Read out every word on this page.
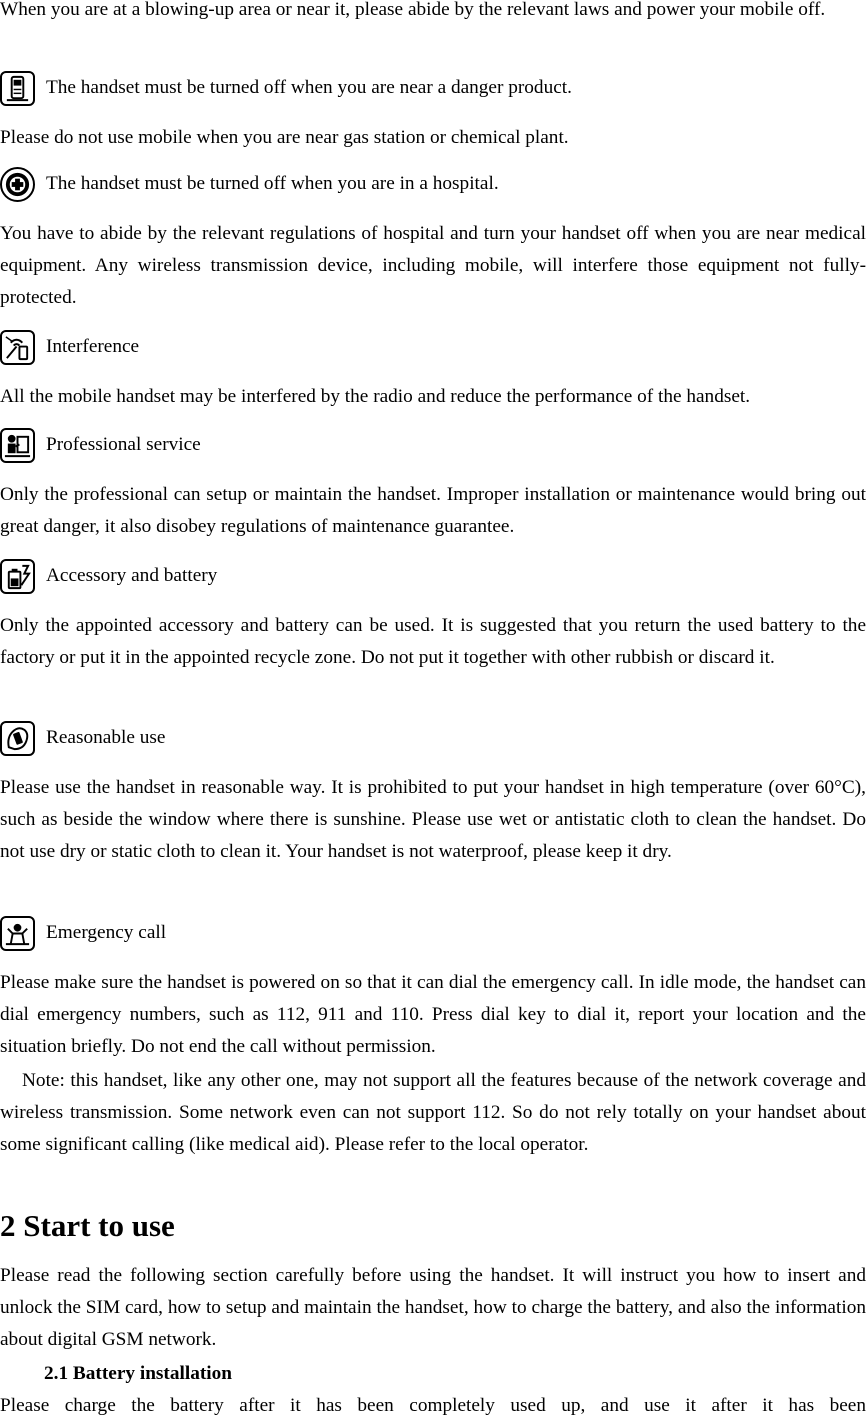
When you are at a blowing-up area or near it, please abide by the relevant laws and power your mobile off.

The handset must be turned off when you are near a danger product.

Please do not use mobile when you are near gas station or chemical plant.

The handset must be turned off when you are in a hospital.

You have to abide by the relevant regulations of hospital and turn your handset off when you are near medical equipment. Any wireless transmission device, including mobile, will interfere those equipment not fully-protected.

Interference

All the mobile handset may be interfered by the radio and reduce the performance of the handset.

Professional service

Only the professional can setup or maintain the handset. Improper installation or maintenance would bring out great danger, it also disobey regulations of maintenance guarantee.

Accessory and battery

Only the appointed accessory and battery can be used. It is suggested that you return the used battery to the factory or put it in the appointed recycle zone. Do not put it together with other rubbish or discard it.

Reasonable use

Please use the handset in reasonable way. It is prohibited to put your handset in high temperature (over 60°C), such as beside the window where there is sunshine. Please use wet or antistatic cloth to clean the handset. Do not use dry or static cloth to clean it. Your handset is not waterproof, please keep it dry.

Emergency call

Please make sure the handset is powered on so that it can dial the emergency call. In idle mode, the handset can dial emergency numbers, such as 112, 911 and 110. Press dial key to dial it, report your location and the situation briefly. Do not end the call without permission.

Note: this handset, like any other one, may not support all the features because of the network coverage and wireless transmission. Some network even can not support 112. So do not rely totally on your handset about some significant calling (like medical aid). Please refer to the local operator.

2 Start to use

Please read the following section carefully before using the handset. It will instruct you how to insert and unlock the SIM card, how to setup and maintain the handset, how to charge the battery, and also the information about digital GSM network.

2.1 Battery installation

Please charge the battery after it has been completely used up, and use it after it has been
